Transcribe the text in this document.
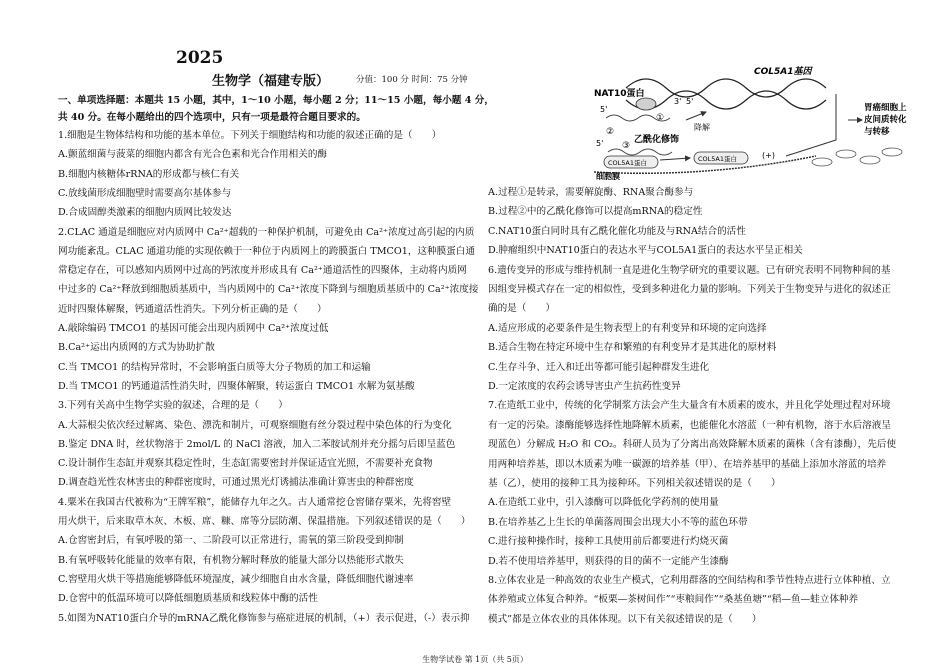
2025
生物学（福建专版）	分值：100 分 时间：75 分钟

一、单项选择题：本题共 15 小题，其中，1～10 小题，每小题 2 分；11～15 小题，每小题 4 分，

共 40 分。在每小题给出的四个选项中，只有一项是最符合题目要求的。

1.细胞是生物体结构和功能的基本单位。下列关于细胞结构和功能的叙述正确的是（　　）

A.颤蓝细菌与菠菜的细胞内都含有光合色素和光合作用相关的酶

B.细胞内核糖体rRNA的形成都与核仁有关

C.放线菌形成细胞壁时需要高尔基体参与

D.合成固醇类激素的细胞内质网比较发达

2.CLAC 通道是细胞应对内质网中 Ca²⁺超载的一种保护机制，可避免由 Ca²⁺浓度过高引起的内质

网功能紊乱。CLAC 通道功能的实现依赖于一种位于内质网上的跨膜蛋白 TMCO1，这种膜蛋白通

常稳定存在，可以感知内质网中过高的钙浓度并形成具有 Ca²⁺通道活性的四聚体，主动将内质网

中过多的 Ca²⁺释放到细胞质基质中，当内质网中的 Ca²⁺浓度下降到与细胞质基质中的 Ca²⁺浓度接

近时四聚体解聚，钙通道活性消失。下列分析正确的是（　　）

A.敲除编码 TMCO1 的基因可能会出现内质网中 Ca²⁺浓度过低

B.Ca²⁺运出内质网的方式为协助扩散

C.当 TMCO1 的结构异常时，不会影响蛋白质等大分子物质的加工和运输

D.当 TMCO1 的钙通道活性消失时，四聚体解聚，转运蛋白 TMCO1 水解为氨基酸

3.下列有关高中生物学实验的叙述，合理的是（　　）

A.大蒜根尖依次经过解离、染色、漂洗和制片，可观察细胞有丝分裂过程中染色体的行为变化

B.鉴定 DNA 时，丝状物溶于 2mol/L 的 NaCl 溶液，加入二苯胺试剂并充分摇匀后即呈蓝色

C.设计制作生态缸并观察其稳定性时，生态缸需要密封并保证适宜光照，不需要补充食物

D.调查趋光性农林害虫的种群密度时，可通过黑光灯诱捕法准确计算害虫的种群密度

4.粟米在我国古代被称为“王牌军粮”，能储存九年之久。古人通常挖仓窖储存粟米，先将窖壁

用火烘干，后来取草木灰、木板、席、糠、席等分层防潮、保温措施。下列叙述错误的是（　　）

A.仓窖密封后，有氧呼吸的第一、二阶段可以正常进行，需氧的第三阶段受到抑制

B.有氧呼吸转化能量的效率有限，有机物分解时释放的能量大部分以热能形式散失

C.窖壁用火烘干等措施能够降低环境湿度，减少细胞自由水含量，降低细胞代谢速率

D.仓窖中的低温环境可以降低细胞质基质和线粒体中酶的活性

5.如图为NAT10蛋白介导的mRNA乙酰化修饰参与癌症进展的机制，（+）表示促进，（-）表示抑

COL5A1基因
NAT10蛋白
5'
3' 5'
①
②
③
5'	乙酰化修饰
降解
COL5A1蛋白	COL5A1蛋白	(+)
细胞膜
胃癌细胞上
皮间质转化
与转移

A.过程①是转录，需要解旋酶、RNA聚合酶参与

B.过程②中的乙酰化修饰可以提高mRNA的稳定性

C.NAT10蛋白同时具有乙酰化催化功能及与RNA结合的活性

D.肿瘤组织中NAT10蛋白的表达水平与COL5A1蛋白的表达水平呈正相关

6.遗传变异的形成与维持机制一直是进化生物学研究的重要议题。已有研究表明不同物种间的基

因组变异模式存在一定的相似性，受到多种进化力量的影响。下列关于生物变异与进化的叙述正

确的是（　　）

A.适应形成的必要条件是生物表型上的有利变异和环境的定向选择

B.适合生物在特定环境中生存和繁殖的有利变异才是其进化的原材料

C.生存斗争、迁入和迁出等都可能引起种群发生进化

D.一定浓度的农药会诱导害虫产生抗药性变异

7.在造纸工业中，传统的化学制浆方法会产生大量含有木质素的废水，并且化学处理过程对环境

有一定的污染。漆酶能够选择性地降解木质素，也能催化水溶蓝（一种有机物，溶于水后溶液呈

现蓝色）分解成 H₂O 和 CO₂。科研人员为了分离出高效降解木质素的菌株（含有漆酶），先后使

用两种培养基，即以木质素为唯一碳源的培养基（甲）、在培养基甲的基础上添加水溶蓝的培养

基（乙），使用的接种工具为接种环。下列相关叙述错误的是（　　）

A.在造纸工业中，引入漆酶可以降低化学药剂的使用量

B.在培养基乙上生长的单菌落周围会出现大小不等的蓝色环带

C.进行接种操作时，接种工具使用前后都要进行灼烧灭菌

D.若不使用培养基甲，则获得的目的菌不一定能产生漆酶

8.立体农业是一种高效的农业生产模式，它利用群落的空间结构和季节性特点进行立体种植、立

体养殖或立体复合种养。“板栗—茶树间作”“枣粮间作”“桑基鱼塘”“稻—鱼—蛙立体种养

模式”都是立体农业的具体体现。以下有关叙述错误的是（　　）

生物学试卷 第 1页（共 5页）
